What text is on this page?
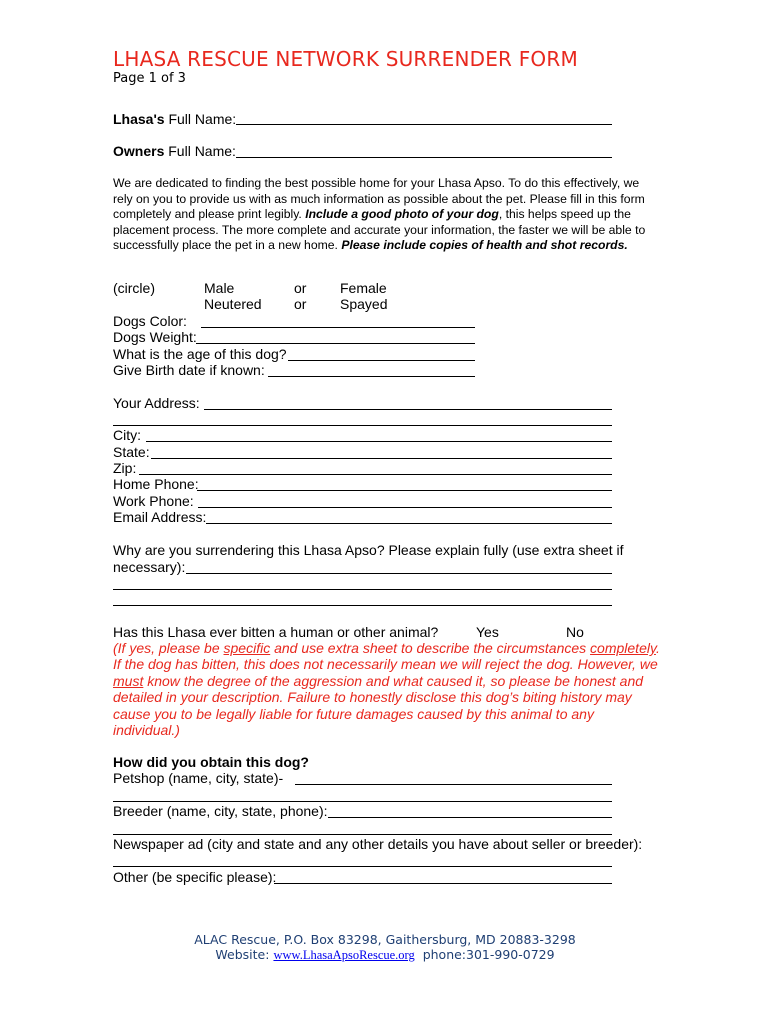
LHASA RESCUE NETWORK SURRENDER FORM
Page 1 of 3
Lhasa's Full Name:
Owners Full Name:
We are dedicated to finding the best possible home for your Lhasa Apso. To do this effectively, we rely on you to provide us with as much information as possible about the pet. Please fill in this form completely and please print legibly. Include a good photo of your dog, this helps speed up the placement process. The more complete and accurate your information, the faster we will be able to successfully place the pet in a new home. Please include copies of health and shot records.
(circle)	Male	or Female
Neutered or Spayed
Dogs Color:
Dogs Weight:
What is the age of this dog?
Give Birth date if known:
Your Address:
City:
State:
Zip:
Home Phone:
Work Phone:
Email Address:
Why are you surrendering this Lhasa Apso? Please explain fully (use extra sheet if
necessary):
Has this Lhasa ever bitten a human or other animal?	Yes	No
(If yes, please be specific and use extra sheet to describe the circumstances completely. If the dog has bitten, this does not necessarily mean we will reject the dog. However, we must know the degree of the aggression and what caused it, so please be honest and detailed in your description. Failure to honestly disclose this dog’s biting history may cause you to be legally liable for future damages caused by this animal to any individual.)
How did you obtain this dog?
Petshop (name, city, state)-
Breeder (name, city, state, phone):
Newspaper ad (city and state and any other details you have about seller or breeder):
Other (be specific please):
ALAC Rescue, P.O. Box 83298, Gaithersburg, MD 20883-3298
Website: www.LhasaApsoRescue.org phone:301-990-0729
